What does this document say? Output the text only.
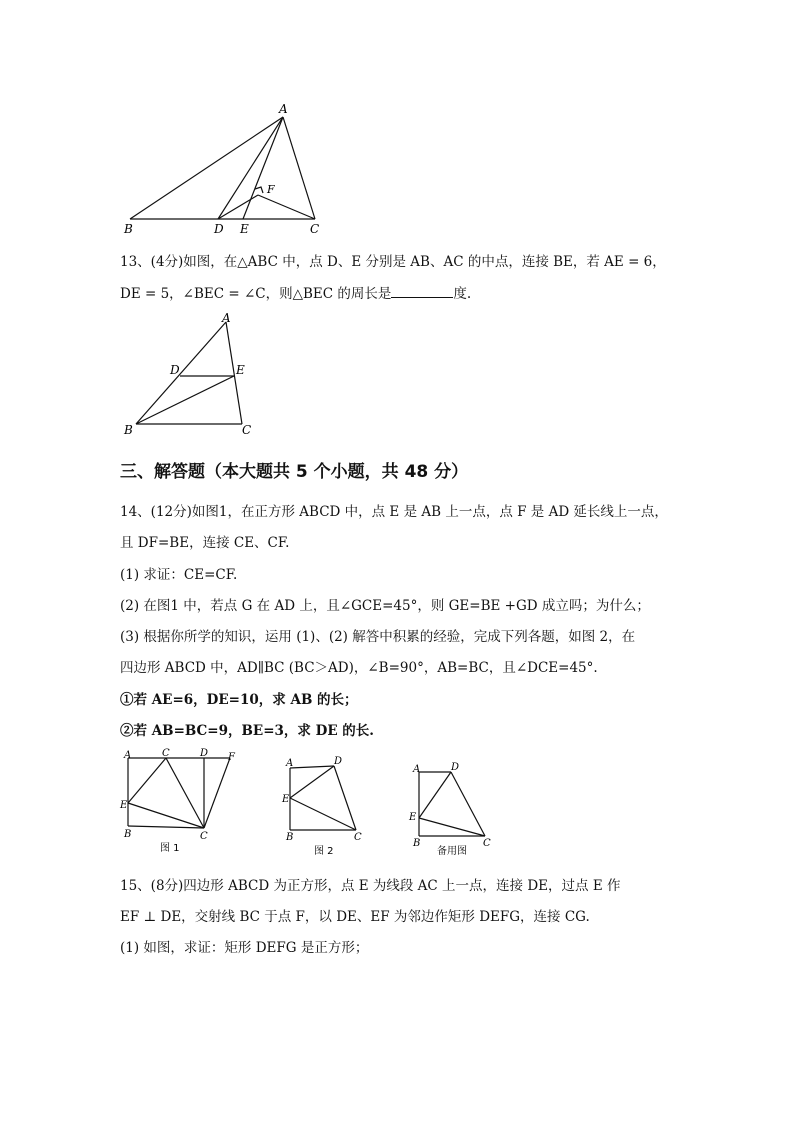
A
B	C
D E
F
13、(4分)如图，在△ABC 中，点 D、E 分别是 AB、AC 的中点，连接 BE，若 AE = 6，
DE = 5，∠BEC = ∠C，则△BEC 的周长是	度.
A
B	C
D	E
三、解答题（本大题共 5 个小题，共 48 分）
14、(12分)如图1，在正方形 ABCD 中，点 E 是 AB 上一点，点 F 是 AD 延长线上一点，
且 DF=BE，连接 CE、CF.
(1) 求证：CE=CF.
(2) 在图1 中，若点 G 在 AD 上，且∠GCE=45°，则 GE=BE +GD 成立吗；为什么；
(3) 根据你所学的知识，运用 (1)、(2) 解答中积累的经验，完成下列各题，如图 2，在
四边形 ABCD 中，AD∥BC (BC＞AD)，∠B=90°，AB=BC，且∠DCE=45°.
①若 AE=6，DE=10，求 AB 的长；
②若 AB=BC=9，BE=3，求 DE 的长.
A	C	D F
E
B	C
图 1
A	D
E
B	C
图 2
A	D
E
B	C
备用图
15、(8分)四边形 ABCD 为正方形，点 E 为线段 AC 上一点，连接 DE，过点 E 作
EF ⊥ DE，交射线 BC 于点 F，以 DE、EF 为邻边作矩形 DEFG，连接 CG.
(1) 如图，求证：矩形 DEFG 是正方形；
